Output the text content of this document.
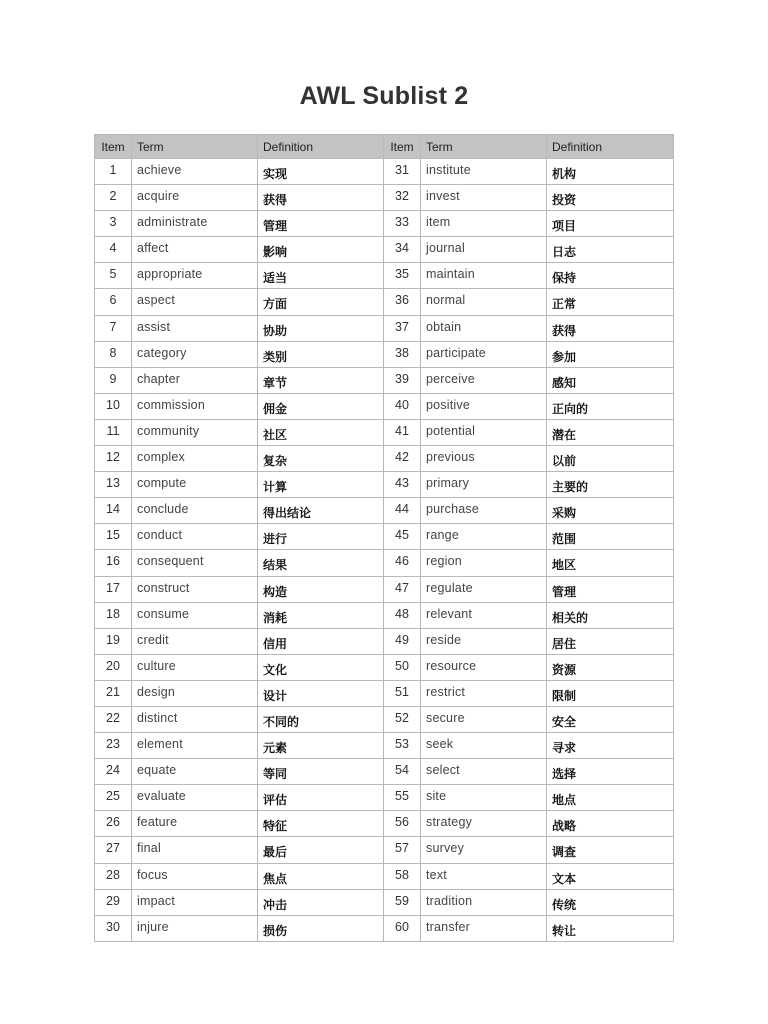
AWL Sublist 2
Item	Term	Definition	Item	Term	Definition
1	achieve	实现	31	institute	机构
2	acquire	获得	32	invest	投资
3	administrate	管理	33	item	项目
4	affect	影响	34	journal	日志
5	appropriate	适当	35	maintain	保持
6	aspect	方面	36	normal	正常
7	assist	协助	37	obtain	获得
8	category	类别	38	participate	参加
9	chapter	章节	39	perceive	感知
10	commission	佣金	40	positive	正向的
11	community	社区	41	potential	潜在
12	complex	复杂	42	previous	以前
13	compute	计算	43	primary	主要的
14	conclude	得出结论	44	purchase	采购
15	conduct	进行	45	range	范围
16	consequent	结果	46	region	地区
17	construct	构造	47	regulate	管理
18	consume	消耗	48	relevant	相关的
19	credit	信用	49	reside	居住
20	culture	文化	50	resource	资源
21	design	设计	51	restrict	限制
22	distinct	不同的	52	secure	安全
23	element	元素	53	seek	寻求
24	equate	等同	54	select	选择
25	evaluate	评估	55	site	地点
26	feature	特征	56	strategy	战略
27	final	最后	57	survey	调查
28	focus	焦点	58	text	文本
29	impact	冲击	59	tradition	传统
30	injure	损伤	60	transfer	转让
